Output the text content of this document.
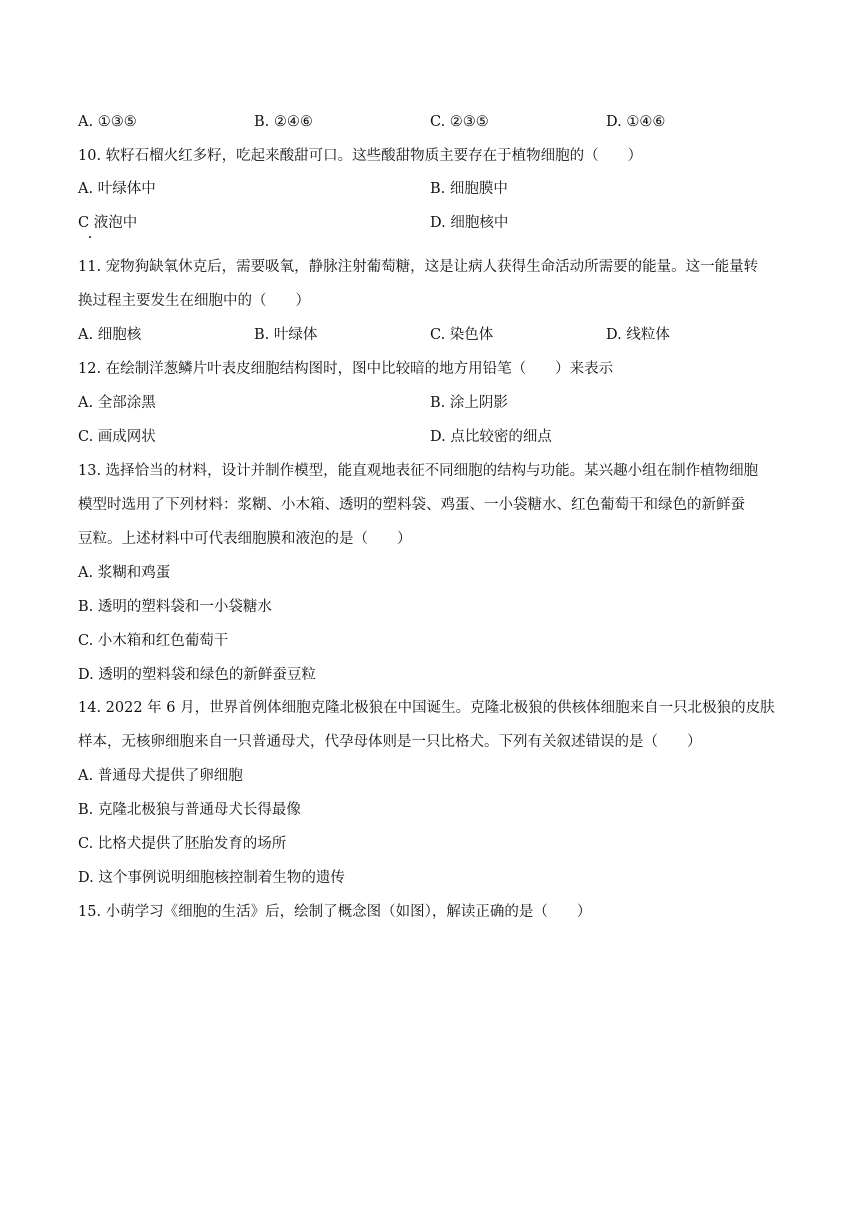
A. ①③⑤	B. ②④⑥	C. ②③⑤	D. ①④⑥
10. 软籽石榴火红多籽，吃起来酸甜可口。这些酸甜物质主要存在于植物细胞的（　　）
A. 叶绿体中	B. 细胞膜中
C 液泡中	D. 细胞核中
11. 宠物狗缺氧休克后，需要吸氧，静脉注射葡萄糖，这是让病人获得生命活动所需要的能量。这一能量转
换过程主要发生在细胞中的（　　）
A. 细胞核	B. 叶绿体	C. 染色体	D. 线粒体
12. 在绘制洋葱鳞片叶表皮细胞结构图时，图中比较暗的地方用铅笔（　　）来表示
A. 全部涂黑	B. 涂上阴影
C. 画成网状	D. 点比较密的细点
13. 选择恰当的材料，设计并制作模型，能直观地表征不同细胞的结构与功能。某兴趣小组在制作植物细胞
模型时选用了下列材料：浆糊、小木箱、透明的塑料袋、鸡蛋、一小袋糖水、红色葡萄干和绿色的新鲜蚕
豆粒。上述材料中可代表细胞膜和液泡的是（　　）
A. 浆糊和鸡蛋
B. 透明的塑料袋和一小袋糖水
C. 小木箱和红色葡萄干
D. 透明的塑料袋和绿色的新鲜蚕豆粒
14. 2022 年 6 月，世界首例体细胞克隆北极狼在中国诞生。克隆北极狼的供核体细胞来自一只北极狼的皮肤
样本，无核卵细胞来自一只普通母犬，代孕母体则是一只比格犬。下列有关叙述错误的是（　　）
A. 普通母犬提供了卵细胞
B. 克隆北极狼与普通母犬长得最像
C. 比格犬提供了胚胎发育的场所
D. 这个事例说明细胞核控制着生物的遗传
15. 小萌学习《细胞的生活》后，绘制了概念图（如图），解读正确的是（　　）
